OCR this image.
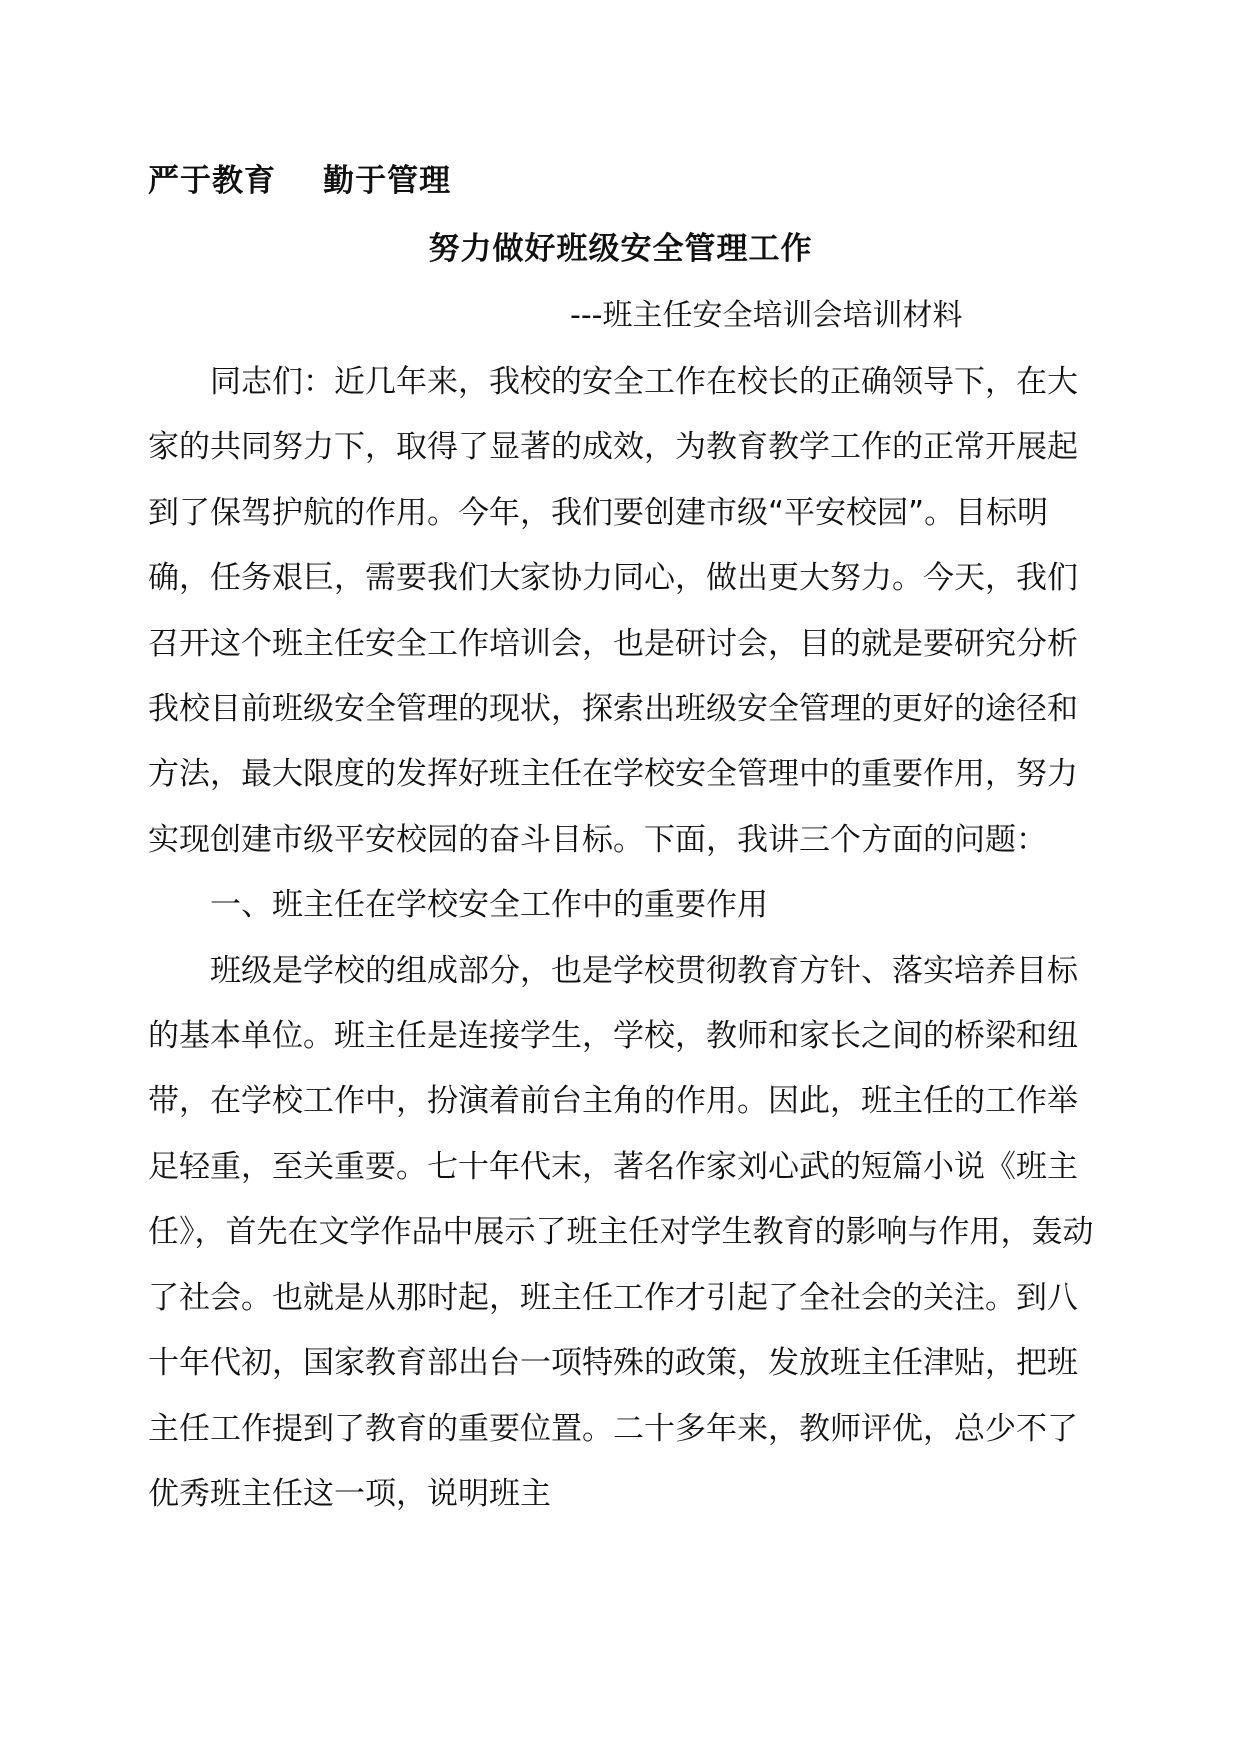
严于教育    勤于管理
努力做好班级安全管理工作
---班主任安全培训会培训材料

同志们：近几年来，我校的安全工作在校长的正确领导下，在大家的共同努力下，取得了显著的成效，为教育教学工作的正常开展起到了保驾护航的作用。今年，我们要创建市级“平安校园”。目标明确，任务艰巨，需要我们大家协力同心，做出更大努力。今天，我们召开这个班主任安全工作培训会，也是研讨会，目的就是要研究分析我校目前班级安全管理的现状，探索出班级安全管理的更好的途径和方法，最大限度的发挥好班主任在学校安全管理中的重要作用，努力实现创建市级平安校园的奋斗目标。下面，我讲三个方面的问题：

一、班主任在学校安全工作中的重要作用

班级是学校的组成部分，也是学校贯彻教育方针、落实培养目标的基本单位。班主任是连接学生，学校，教师和家长之间的桥梁和纽带，在学校工作中，扮演着前台主角的作用。因此，班主任的工作举足轻重，至关重要。七十年代末，著名作家刘心武的短篇小说《班主任》，首先在文学作品中展示了班主任对学生教育的影响与作用，轰动了社会。也就是从那时起，班主任工作才引起了全社会的关注。到八十年代初，国家教育部出台一项特殊的政策，发放班主任津贴，把班主任工作提到了教育的重要位置。二十多年来，教师评优，总少不了优秀班主任这一项，说明班主
